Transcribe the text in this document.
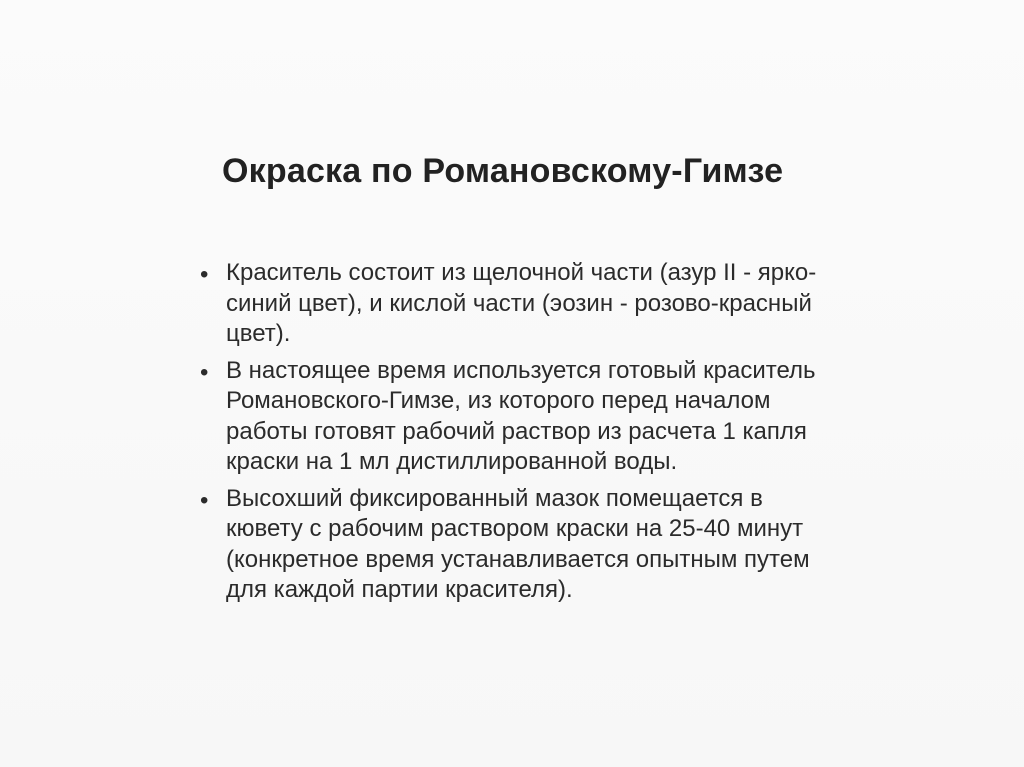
Окраска по Романовскому-Гимзе
• Краситель состоит из щелочной части (азур II - ярко-
синий цвет), и кислой части (эозин - розово-красный
цвет).
• В настоящее время используется готовый краситель
Романовского-Гимзе, из которого перед началом
работы готовят рабочий раствор из расчета 1 капля
краски на 1 мл дистиллированной воды.
• Высохший фиксированный мазок помещается в
кювету с рабочим раствором краски на 25-40 минут
(конкретное время устанавливается опытным путем
для каждой партии красителя).
